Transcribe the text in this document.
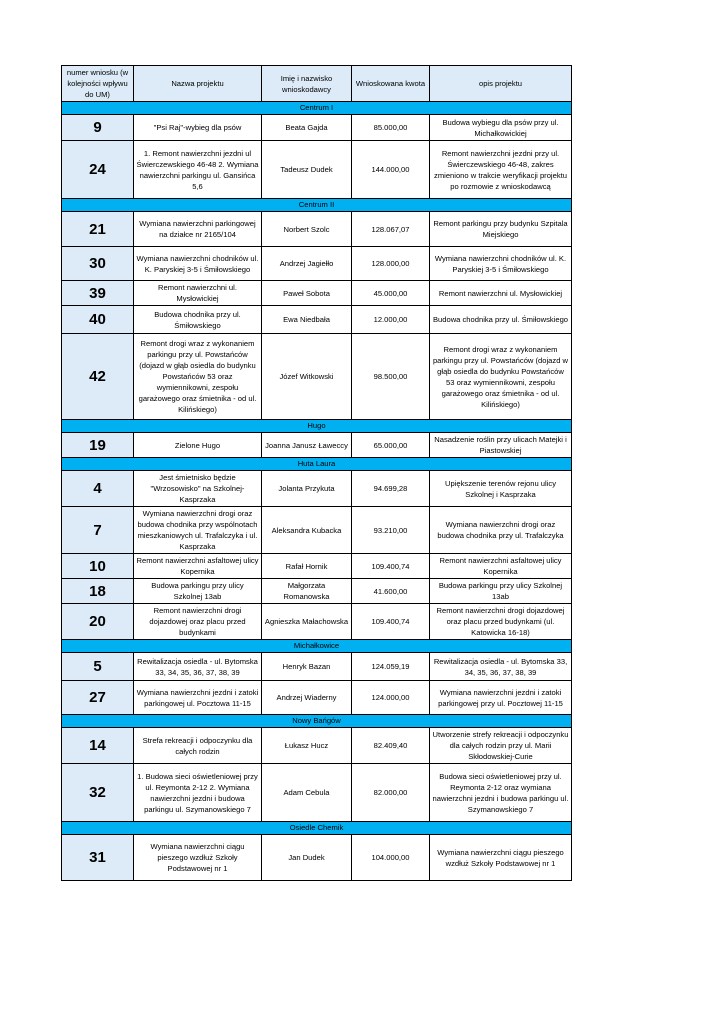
numer wniosku (w kolejności wpływu do UM)	Nazwa projektu	Imię i nazwisko wnioskodawcy	Wnioskowana kwota	opis projektu
Centrum I				
9	"Psi Raj"-wybieg dla psów	Beata Gajda	85.000,00	Budowa wybiegu dla psów przy ul. Michałkowickiej
24	1. Remont nawierzchni jezdni ul Świerczewskiego 46-48 2. Wymiana nawierzchni parkingu ul. Gansińca 5,6	Tadeusz Dudek	144.000,00	Remont nawierzchni jezdni przy ul. Świerczewskiego 46-48, zakres zmieniono w trakcie weryfikacji projektu po rozmowie z wnioskodawcą
Centrum II				
21	Wymiana nawierzchni parkingowej na działce nr 2165/104	Norbert Szolc	128.067,07	Remont parkingu przy budynku Szpitala Miejskiego
30	Wymiana nawierzchni chodników ul. K. Paryskiej 3-5 i Śmiłowskiego	Andrzej Jagiełło	128.000,00	Wymiana nawierzchni chodników ul. K. Paryskiej 3-5 i Śmiłowskiego
39	Remont nawierzchni ul. Mysłowickiej	Paweł Sobota	45.000,00	Remont nawierzchni ul. Mysłowickiej
40	Budowa chodnika przy ul. Śmiłowskiego	Ewa Niedbała	12.000,00	Budowa chodnika przy ul. Śmiłowskiego
42	Remont drogi wraz z wykonaniem parkingu przy ul. Powstańców (dojazd w głąb osiedla do budynku Powstańców 53 oraz wymiennikowni, zespołu garażowego oraz śmietnika - od ul. Kilińskiego)	Józef Witkowski	98.500,00	Remont drogi wraz z wykonaniem parkingu przy ul. Powstańców (dojazd w głąb osiedla do budynku Powstańców 53 oraz wymiennikowni, zespołu garażowego oraz śmietnika - od ul. Kilińskiego)
Hugo				
19	Zielone Hugo	Joanna Janusz Ławeccy	65.000,00	Nasadzenie roślin przy ulicach Matejki i Piastowskiej
Huta Laura				
4	Jest śmietnisko będzie "Wrzosowisko" na Szkolnej-Kasprzaka	Jolanta Przykuta	94.699,28	Upiększenie terenów rejonu ulicy Szkolnej i Kasprzaka
7	Wymiana nawierzchni drogi oraz budowa chodnika przy wspólnotach mieszkaniowych ul. Trafalczyka i ul. Kasprzaka	Aleksandra Kubacka	93.210,00	Wymiana nawierzchni drogi oraz budowa chodnika przy ul. Trafalczyka
10	Remont nawierzchni asfaltowej ulicy Kopernika	Rafał Hornik	109.400,74	Remont nawierzchni asfaltowej ulicy Kopernika
18	Budowa parkingu przy ulicy Szkolnej 13ab	Małgorzata Romanowska	41.600,00	Budowa parkingu przy ulicy Szkolnej 13ab
20	Remont nawierzchni drogi dojazdowej oraz placu przed budynkami	Agnieszka Małachowska	109.400,74	Remont nawierzchni drogi dojazdowej oraz placu przed budynkami (ul. Katowicka 16-18)
Michałkowice				
5	Rewitalizacja osiedla - ul. Bytomska 33, 34, 35, 36, 37, 38, 39	Henryk Bazan	124.059,19	Rewitalizacja osiedla - ul. Bytomska 33, 34, 35, 36, 37, 38, 39
27	Wymiana nawierzchni jezdni i zatoki parkingowej ul. Pocztowa 11-15	Andrzej Wiaderny	124.000,00	Wymiana nawierzchni jezdni i zatoki parkingowej przy ul. Pocztowej 11-15
Nowy Bańgów				
14	Strefa rekreacji i odpoczynku dla całych rodzin	Łukasz Hucz	82.409,40	Utworzenie strefy rekreacji i odpoczynku dla całych rodzin przy ul. Marii Skłodowskiej-Curie
32	1. Budowa sieci oświetleniowej przy ul. Reymonta 2-12 2. Wymiana nawierzchni jezdni i budowa parkingu ul. Szymanowskiego 7	Adam Cebula	82.000,00	Budowa sieci oświetleniowej przy ul. Reymonta 2-12 oraz wymiana nawierzchni jezdni i budowa parkingu ul. Szymanowskiego 7
Osiedle Chemik				
31	Wymiana nawierzchni ciągu pieszego wzdłuż Szkoły Podstawowej nr 1	Jan Dudek	104.000,00	Wymiana nawierzchni ciągu pieszego wzdłuż Szkoły Podstawowej nr 1
